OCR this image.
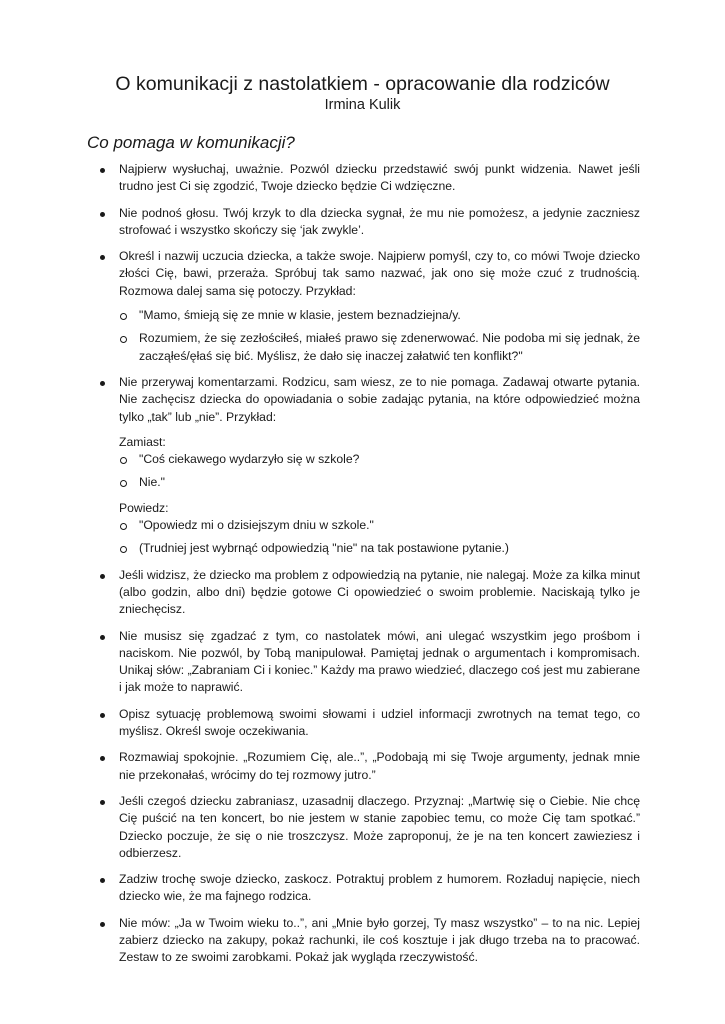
O komunikacji z nastolatkiem - opracowanie dla rodziców
Irmina Kulik
Co pomaga w komunikacji?
Najpierw wysłuchaj, uważnie. Pozwól dziecku przedstawić swój punkt widzenia. Nawet jeśli trudno jest Ci się zgodzić, Twoje dziecko będzie Ci wdzięczne.
Nie podnoś głosu. Twój krzyk to dla dziecka sygnał, że mu nie pomożesz, a jedynie zaczniesz strofować i wszystko skończy się ‘jak zwykle’.
Określ i nazwij uczucia dziecka, a także swoje. Najpierw pomyśl, czy to, co mówi Twoje dziecko złości Cię, bawi, przeraża. Spróbuj tak samo nazwać, jak ono się może czuć z trudnością. Rozmowa dalej sama się potoczy. Przykład:
"Mamo, śmieją się ze mnie w klasie, jestem beznadziejna/y.
Rozumiem, że się zezłościłeś, miałeś prawo się zdenerwować. Nie podoba mi się jednak, że zacząłeś/ęłaś się bić. Myślisz, że dało się inaczej załatwić ten konflikt?"
Nie przerywaj komentarzami. Rodzicu, sam wiesz, ze to nie pomaga. Zadawaj otwarte pytania. Nie zachęcisz dziecka do opowiadania o sobie zadając pytania, na które odpowiedzieć można tylko „tak” lub „nie”. Przykład:
Zamiast:
"Coś ciekawego wydarzyło się w szkole?
Nie."
Powiedz:
"Opowiedz mi o dzisiejszym dniu w szkole."
(Trudniej jest wybrnąć odpowiedzią "nie" na tak postawione pytanie.)
Jeśli widzisz, że dziecko ma problem z odpowiedzią na pytanie, nie nalegaj. Może za kilka minut (albo godzin, albo dni) będzie gotowe Ci opowiedzieć o swoim problemie. Naciskają tylko je zniechęcisz.
Nie musisz się zgadzać z tym, co nastolatek mówi, ani ulegać wszystkim jego prośbom i naciskom. Nie pozwól, by Tobą manipulował. Pamiętaj jednak o argumentach i kompromisach. Unikaj słów: „Zabraniam Ci i koniec.” Każdy ma prawo wiedzieć, dlaczego coś jest mu zabierane i jak może to naprawić.
Opisz sytuację problemową swoimi słowami i udziel informacji zwrotnych na temat tego, co myślisz. Określ swoje oczekiwania.
Rozmawiaj spokojnie. „Rozumiem Cię, ale..”, „Podobają mi się Twoje argumenty, jednak mnie nie przekonałaś, wrócimy do tej rozmowy jutro.”
Jeśli czegoś dziecku zabraniasz, uzasadnij dlaczego. Przyznaj: „Martwię się o Ciebie. Nie chcę Cię puścić na ten koncert, bo nie jestem w stanie zapobiec temu, co może Cię tam spotkać.” Dziecko poczuje, że się o nie troszczysz. Może zaproponuj, że je na ten koncert zawieziesz i odbierzesz.
Zadziw trochę swoje dziecko, zaskocz. Potraktuj problem z humorem. Rozładuj napięcie, niech dziecko wie, że ma fajnego rodzica.
Nie mów: „Ja w Twoim wieku to..”, ani „Mnie było gorzej, Ty masz wszystko” – to na nic. Lepiej zabierz dziecko na zakupy, pokaż rachunki, ile coś kosztuje i jak długo trzeba na to pracować. Zestaw to ze swoimi zarobkami. Pokaż jak wygląda rzeczywistość.
